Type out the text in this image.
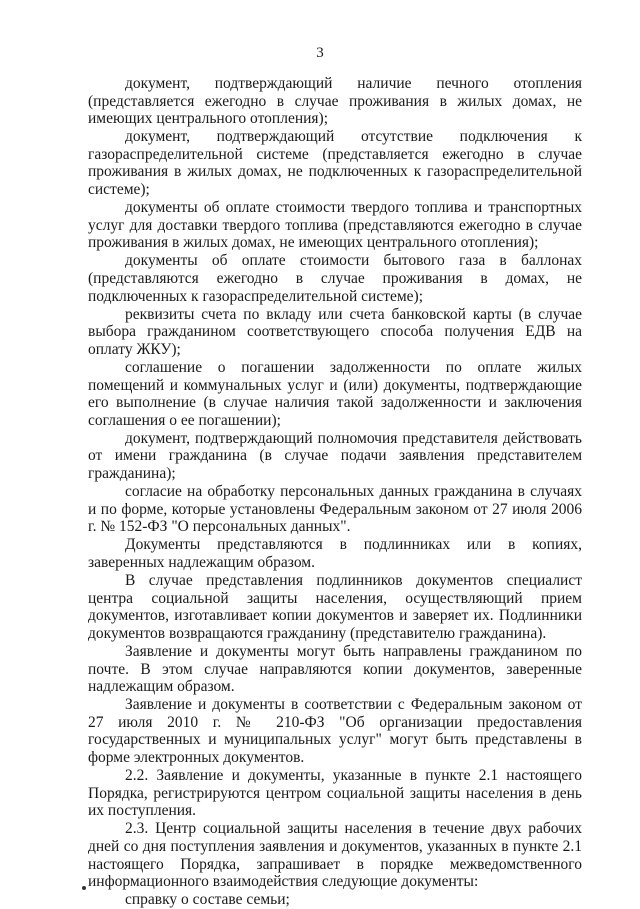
3

документ, подтверждающий наличие печного отопления (представляется ежегодно в случае проживания в жилых домах, не имеющих центрального отопления);

документ, подтверждающий отсутствие подключения к газораспределительной системе (представляется ежегодно в случае проживания в жилых домах, не подключенных к газораспределительной системе);

документы об оплате стоимости твердого топлива и транспортных услуг для доставки твердого топлива (представляются ежегодно в случае проживания в жилых домах, не имеющих центрального отопления);

документы об оплате стоимости бытового газа в баллонах (представляются ежегодно в случае проживания в домах, не подключенных к газораспределительной системе);

реквизиты счета по вкладу или счета банковской карты (в случае выбора гражданином соответствующего способа получения ЕДВ на оплату ЖКУ);

соглашение о погашении задолженности по оплате жилых помещений и коммунальных услуг и (или) документы, подтверждающие его выполнение (в случае наличия такой задолженности и заключения соглашения о ее погашении);

документ, подтверждающий полномочия представителя действовать от имени гражданина (в случае подачи заявления представителем гражданина);

согласие на обработку персональных данных гражданина в случаях и по форме, которые установлены Федеральным законом от 27 июля 2006 г. № 152-ФЗ "О персональных данных".

Документы представляются в подлинниках или в копиях, заверенных надлежащим образом.

В случае представления подлинников документов специалист центра социальной защиты населения, осуществляющий прием документов, изготавливает копии документов и заверяет их. Подлинники документов возвращаются гражданину (представителю гражданина).

Заявление и документы могут быть направлены гражданином по почте. В этом случае направляются копии документов, заверенные надлежащим образом.

Заявление и документы в соответствии с Федеральным законом от 27 июля 2010 г. № 210-ФЗ "Об организации предоставления государственных и муниципальных услуг" могут быть представлены в форме электронных документов.

2.2. Заявление и документы, указанные в пункте 2.1 настоящего Порядка, регистрируются центром социальной защиты населения в день их поступления.

2.3. Центр социальной защиты населения в течение двух рабочих дней со дня поступления заявления и документов, указанных в пункте 2.1 настоящего Порядка, запрашивает в порядке межведомственного информационного взаимодействия следующие документы:

справку о составе семьи;
